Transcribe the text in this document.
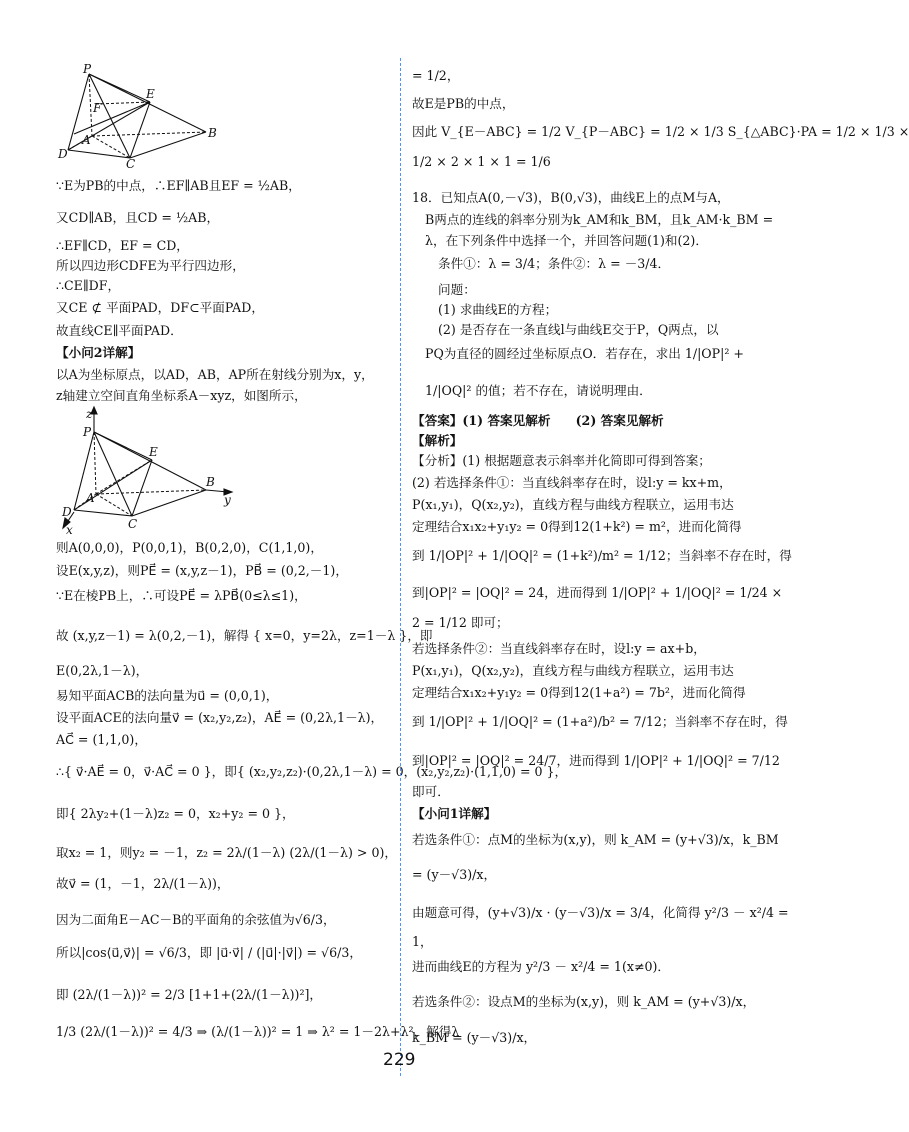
P
E
F
A	B
D
C
z
P
E
A
B
y
D
C
x
∵E为PB的中点，∴EF∥AB且EF = ½AB，
又CD∥AB，且CD = ½AB，
∴EF∥CD，EF = CD，
所以四边形CDFE为平行四边形，
∴CE∥DF，
又CE ⊄ 平面PAD，DF⊂平面PAD，
故直线CE∥平面PAD．
【小问2详解】
以A为坐标原点，以AD，AB，AP所在射线分别为x，y，
z轴建立空间直角坐标系A－xyz，如图所示，
则A(0,0,0)，P(0,0,1)，B(0,2,0)，C(1,1,0)，
设E(x,y,z)，则PE⃗ = (x,y,z－1)，PB⃗ = (0,2,－1)，
∵E在棱PB上，∴可设PE⃗ = λPB⃗(0≤λ≤1)，
故 (x,y,z－1) = λ(0,2,－1)，解得 { x=0，y=2λ，z=1－λ }，即
E(0,2λ,1－λ)，
易知平面ACB的法向量为u⃗ = (0,0,1)，
设平面ACE的法向量v⃗ = (x₂,y₂,z₂)，AE⃗ = (0,2λ,1－λ)，
AC⃗ = (1,1,0)，
∴{ v⃗·AE⃗ = 0，v⃗·AC⃗ = 0 }，即{ (x₂,y₂,z₂)·(0,2λ,1－λ) = 0，(x₂,y₂,z₂)·(1,1,0) = 0 }，
即{ 2λy₂+(1－λ)z₂ = 0，x₂+y₂ = 0 }，
取x₂ = 1，则y₂ = －1，z₂ = 2λ/(1－λ) (2λ/(1－λ) > 0)，
故v⃗ = (1，－1，2λ/(1－λ))，
因为二面角E－AC－B的平面角的余弦值为√6/3，
所以|cos⟨u⃗,v⃗⟩| = √6/3，即 |u⃗·v⃗| / (|u⃗|·|v⃗|) = √6/3，
即 (2λ/(1－λ))² = 2/3 [1+1+(2λ/(1－λ))²]，
1/3 (2λ/(1－λ))² = 4/3 ⇒ (λ/(1－λ))² = 1 ⇒ λ² = 1－2λ+λ²，解得λ
= 1/2，
故E是PB的中点，
因此 V_{E－ABC} = 1/2 V_{P－ABC} = 1/2 × 1/3 S_{△ABC}·PA = 1/2 × 1/3 ×
1/2 × 2 × 1 × 1 = 1/6
18．已知点A(0,－√3)，B(0,√3)，曲线E上的点M与A，
B两点的连线的斜率分别为k_AM和k_BM，且k_AM·k_BM =
λ，在下列条件中选择一个，并回答问题(1)和(2)．
条件①：λ = 3/4；条件②：λ = －3/4．
问题：
(1) 求曲线E的方程；
(2) 是否存在一条直线l与曲线E交于P，Q两点，以
PQ为直径的圆经过坐标原点O．若存在，求出 1/|OP|² +
1/|OQ|² 的值；若不存在，请说明理由．
【答案】(1) 答案见解析　　(2) 答案见解析
【解析】
【分析】(1) 根据题意表示斜率并化简即可得到答案；
(2) 若选择条件①：当直线斜率存在时，设l:y = kx+m，
P(x₁,y₁)，Q(x₂,y₂)，直线方程与曲线方程联立，运用韦达
定理结合x₁x₂+y₁y₂ = 0得到12(1+k²) = m²，进而化简得
到 1/|OP|² + 1/|OQ|² = (1+k²)/m² = 1/12；当斜率不存在时，得
到|OP|² = |OQ|² = 24，进而得到 1/|OP|² + 1/|OQ|² = 1/24 ×
2 = 1/12 即可；
若选择条件②：当直线斜率存在时，设l:y = ax+b，
P(x₁,y₁)，Q(x₂,y₂)，直线方程与曲线方程联立，运用韦达
定理结合x₁x₂+y₁y₂ = 0得到12(1+a²) = 7b²，进而化简得
到 1/|OP|² + 1/|OQ|² = (1+a²)/b² = 7/12；当斜率不存在时，得
到|OP|² = |OQ|² = 24/7，进而得到 1/|OP|² + 1/|OQ|² = 7/12
即可．
【小问1详解】
若选条件①：点M的坐标为(x,y)，则 k_AM = (y+√3)/x，k_BM
= (y－√3)/x，
由题意可得，(y+√3)/x · (y－√3)/x = 3/4，化简得 y²/3 － x²/4 =
1，
进而曲线E的方程为 y²/3 － x²/4 = 1(x≠0)．
若选条件②：设点M的坐标为(x,y)，则 k_AM = (y+√3)/x，
k_BM = (y－√3)/x，
229
